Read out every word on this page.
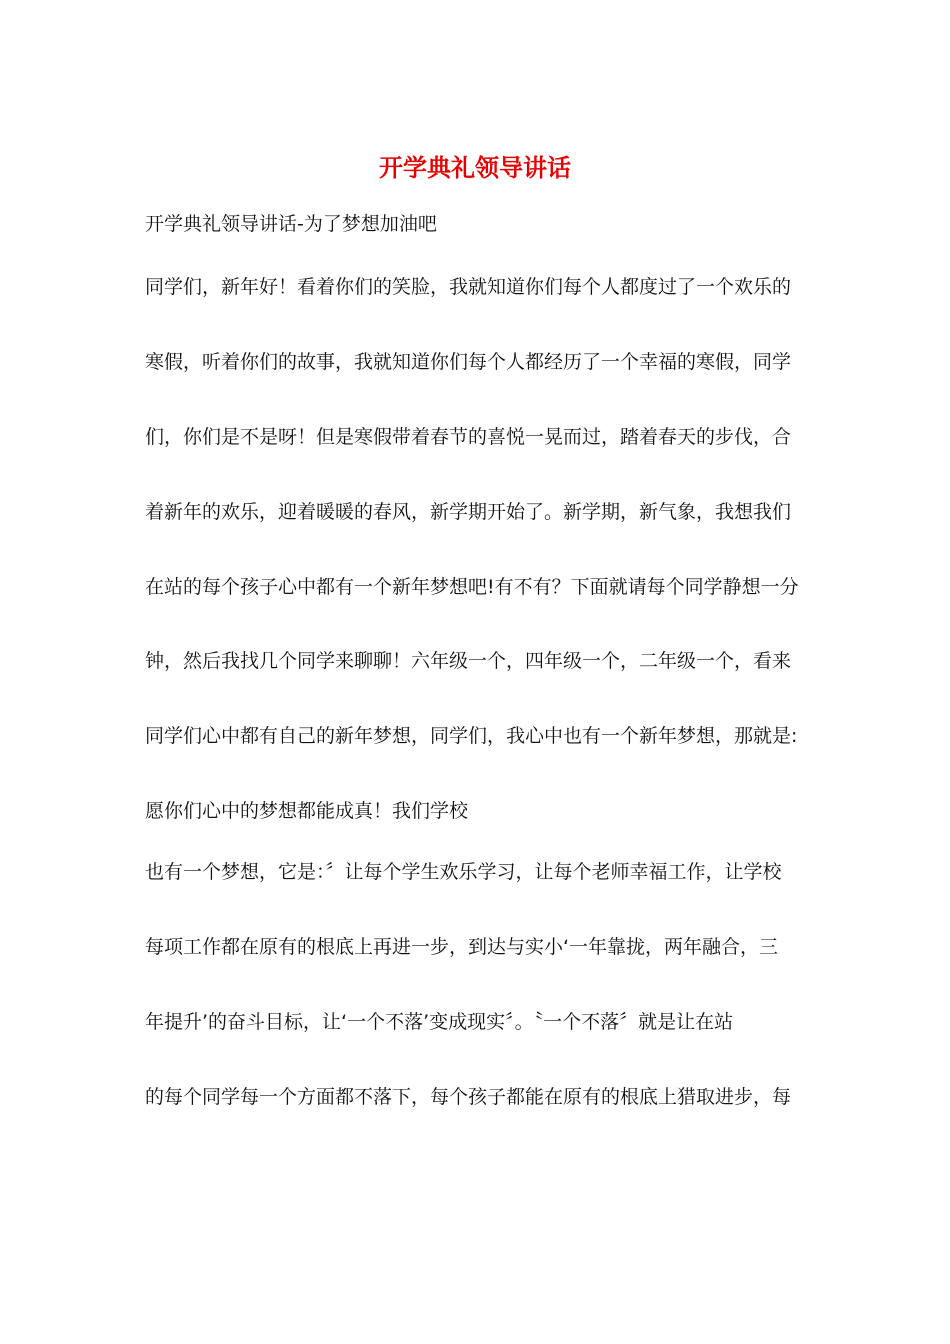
开学典礼领导讲话
开学典礼领导讲话-为了梦想加油吧
同学们，新年好！看着你们的笑脸，我就知道你们每个人都度过了一个欢乐的
寒假，听着你们的故事，我就知道你们每个人都经历了一个幸福的寒假，同学
们，你们是不是呀！但是寒假带着春节的喜悦一晃而过，踏着春天的步伐，合
着新年的欢乐，迎着暖暖的春风，新学期开始了。新学期，新气象，我想我们
在站的每个孩子心中都有一个新年梦想吧!有不有？下面就请每个同学静想一分
钟，然后我找几个同学来聊聊！六年级一个，四年级一个，二年级一个，看来
同学们心中都有自己的新年梦想，同学们，我心中也有一个新年梦想，那就是:
愿你们心中的梦想都能成真！我们学校
也有一个梦想，它是：〞让每个学生欢乐学习，让每个老师幸福工作，让学校
每项工作都在原有的根底上再进一步，到达与实小‘一年靠拢，两年融合，三
年提升’的奋斗目标，让‘一个不落’变成现实〞。〝一个不落〞就是让在站
的每个同学每一个方面都不落下，每个孩子都能在原有的根底上猎取进步，每
